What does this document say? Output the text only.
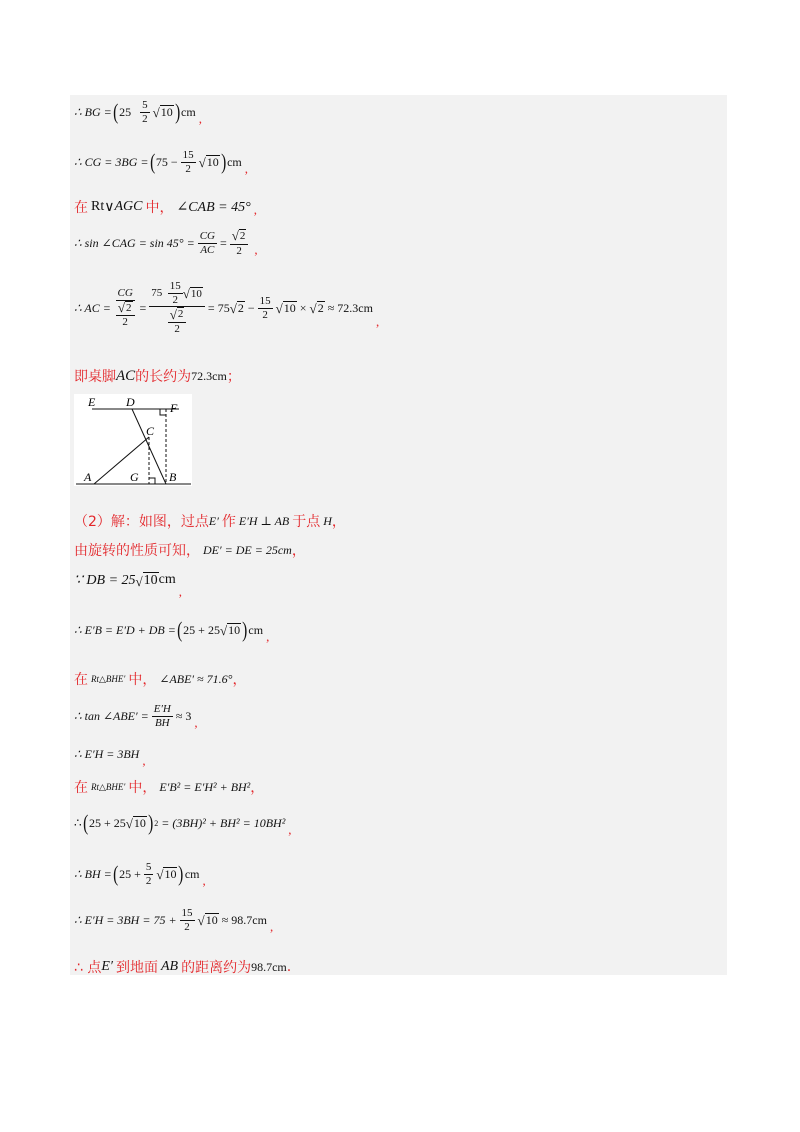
∴ BG = ( 25
$\frac{5}{2}$ √ 10 ) cm ,
∴ CG = 3BG = ( $75 - \frac{15}{2}$ √ 10 ) cm ,
在
Rt ∨ AGC
中，
∠CAB = 45° ,
∴ sin ∠CAG = $\sin 45^\circ = \frac{CG}{AC} = \frac{√ 2}{2}$ ,
∴ AC = $\frac{CG}{\frac{√ 2}{2}} = 75$
$\frac{15}{2}$ √ 10
$\frac{√ 2}{2} = 75$ √ 2
− $\frac{15}{2}$ √ 10
×
√ 2
≈ 72.3cm
,
即桌脚 AC 的长约为 72.3cm ；
E	D	F
C
A	G	B
（2）解：如图，过点 E′
作
E′H ⊥ AB
于点
H ，
由旋转的性质可知，
DE′ = DE = 25cm ，
∵ DB = 25 √ 10 cm
,
∴ E′B = E′D + DB = ( 25 + 25 √ 10 ) cm ,
在
Rt△BHE′
中，
∠ABE′ ≈ 71.6° ，
∴ tan ∠ABE′ = $\frac{E'H}{BH} \approx 3$ ,
∴ E′H = 3BH ,
在
Rt△BHE′
中，
E′B² = E′H² + BH² ，
∴ ( 25 + 25 √ 10 ) 2
= (3BH)² + BH² = 10BH² ,
∴ BH = ( $25 + \frac{5}{2}$ √ 10 ) cm ,
∴ $E'H = 3BH = 75 + \frac{15}{2}$ √ 10
≈ 98.7cm ,
∴ 点 E′
到地面
AB
的距离约为 98.7cm .
